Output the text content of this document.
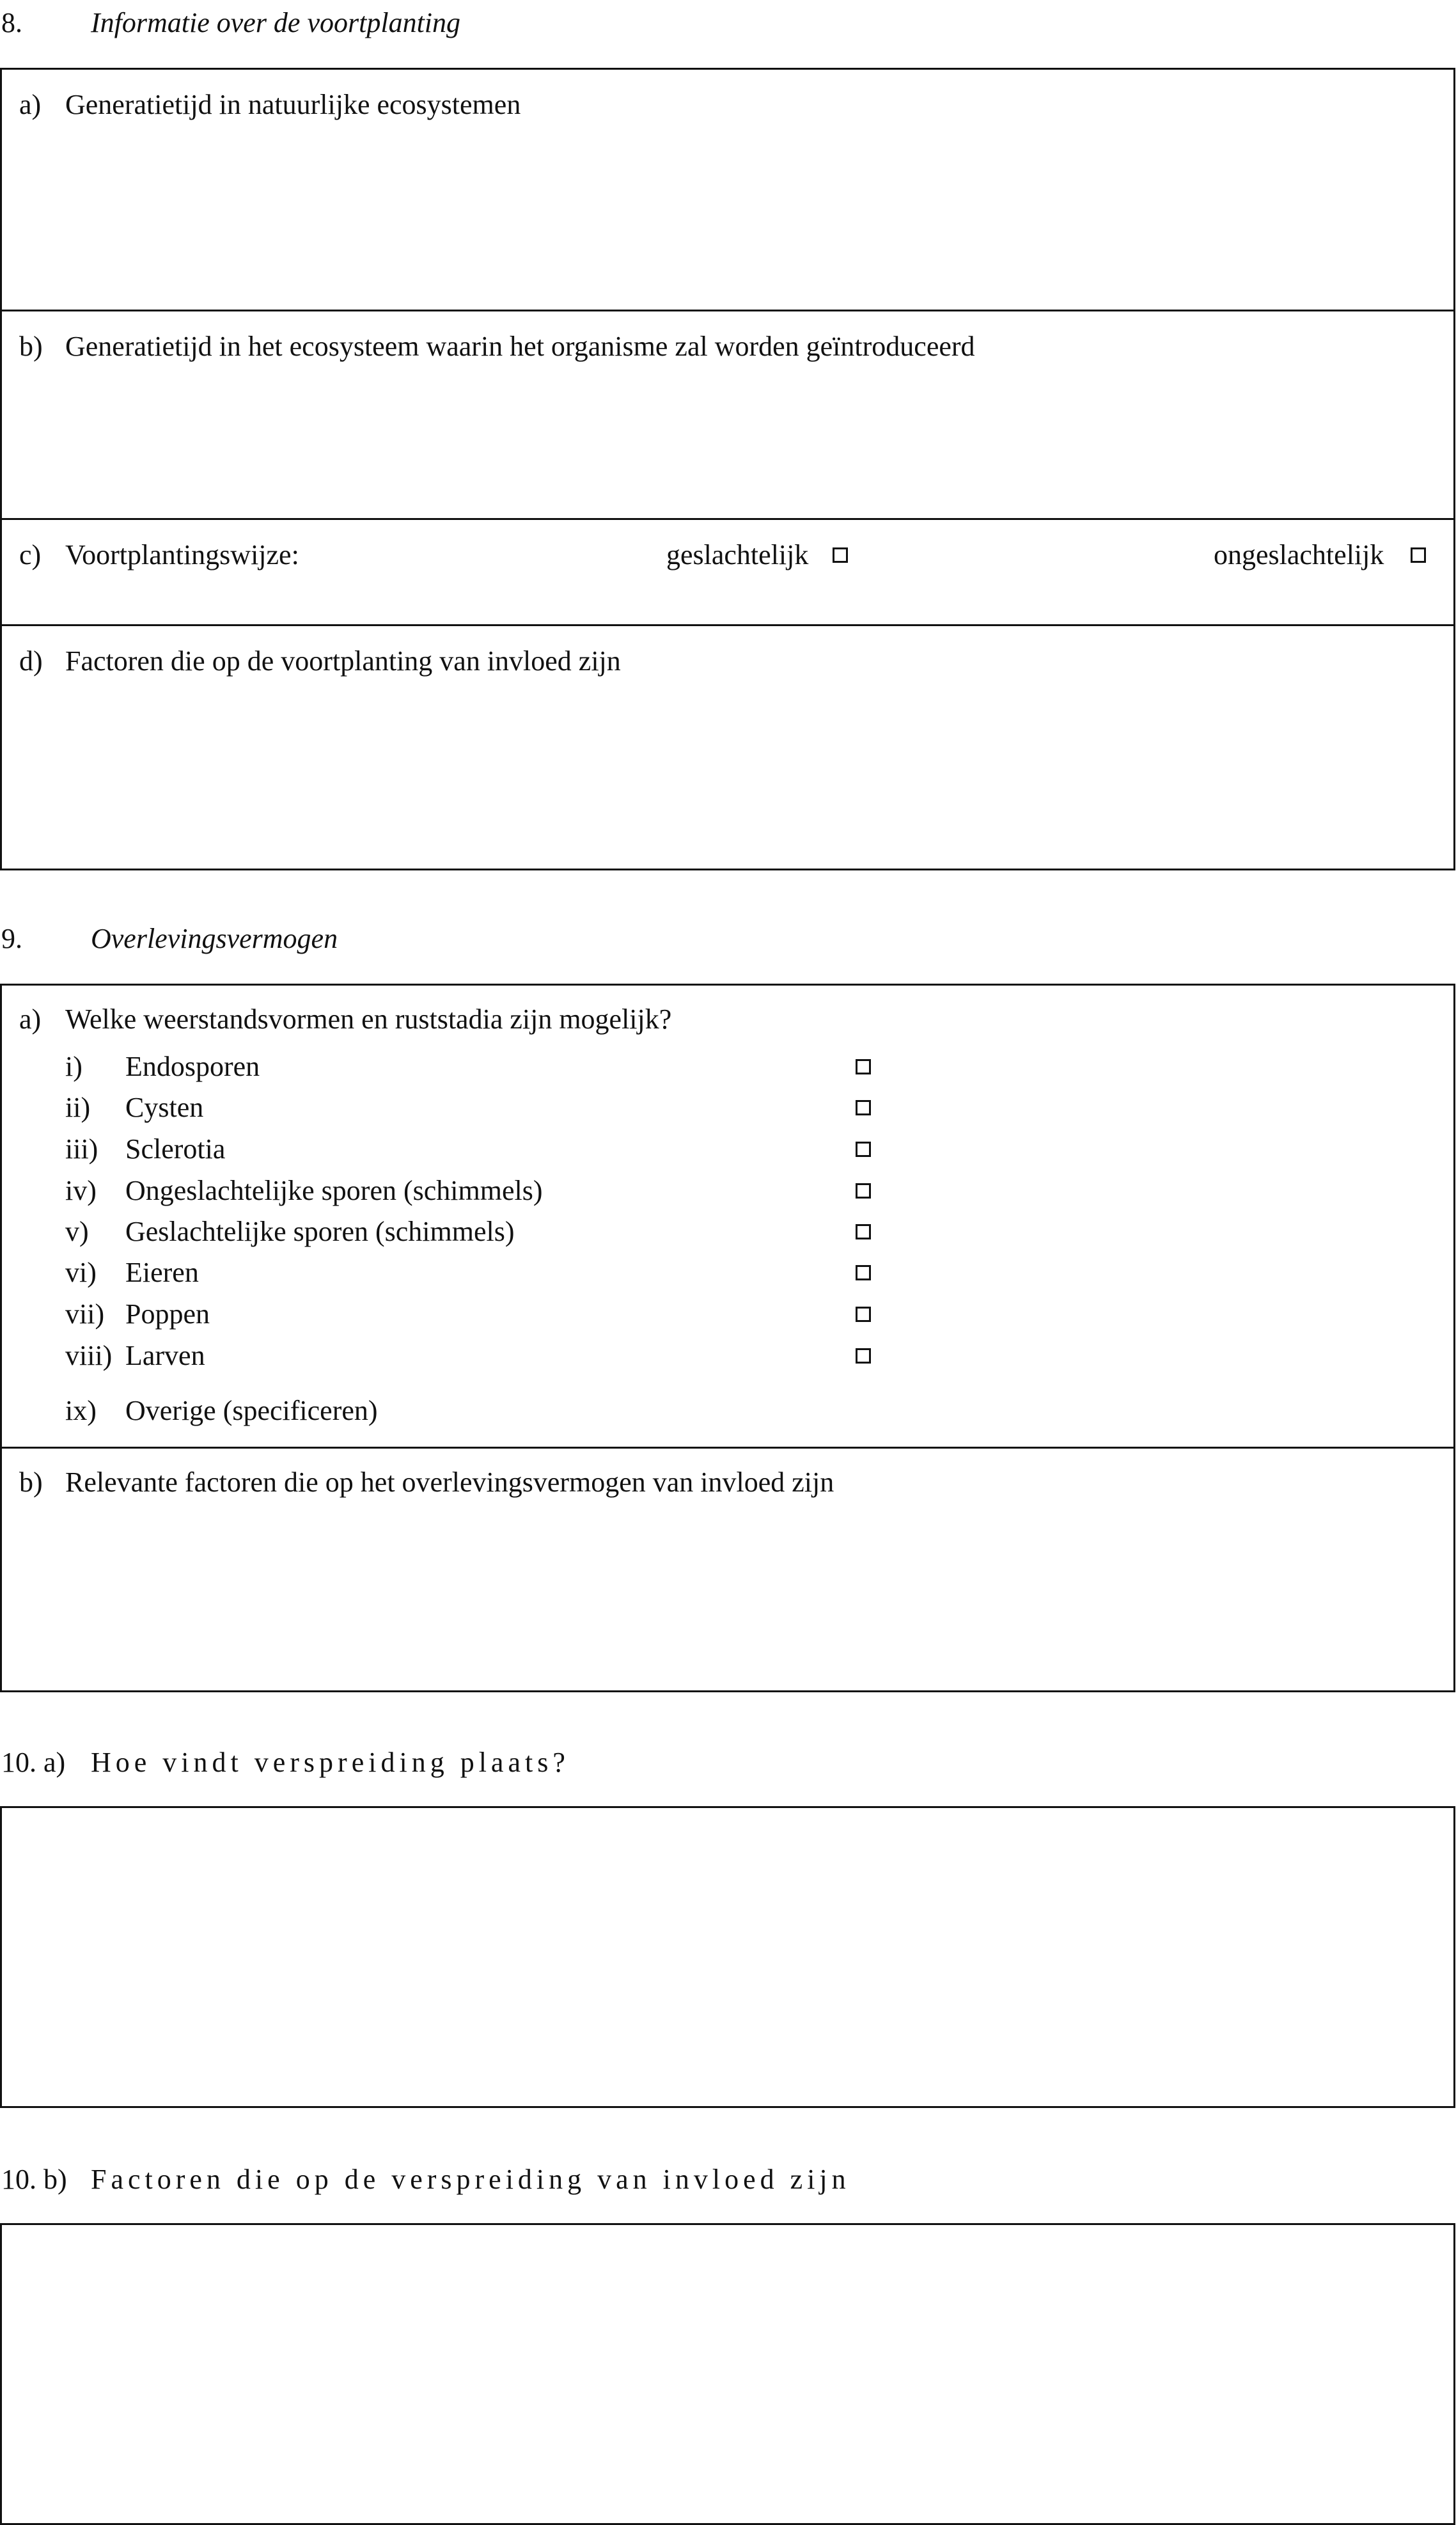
8. Informatie over de voortplanting
a) Generatietijd in natuurlijke ecosystemen
b) Generatietijd in het ecosysteem waarin het organisme zal worden geïntroduceerd
c) Voortplantingswijze:	geslachtelijk	ongeslachtelijk
d) Factoren die op de voortplanting van invloed zijn
9. Overlevingsvermogen
a) Welke weerstandsvormen en ruststadia zijn mogelijk?
i) Endosporen
ii) Cysten
iii) Sclerotia
iv) Ongeslachtelijke sporen (schimmels)
v) Geslachtelijke sporen (schimmels)
vi) Eieren
vii) Poppen
viii) Larven
ix) Overige (specificeren)
b) Relevante factoren die op het overlevingsvermogen van invloed zijn
10. a) Hoe vindt verspreiding plaats?
10. b) Factoren die op de verspreiding van invloed zijn
